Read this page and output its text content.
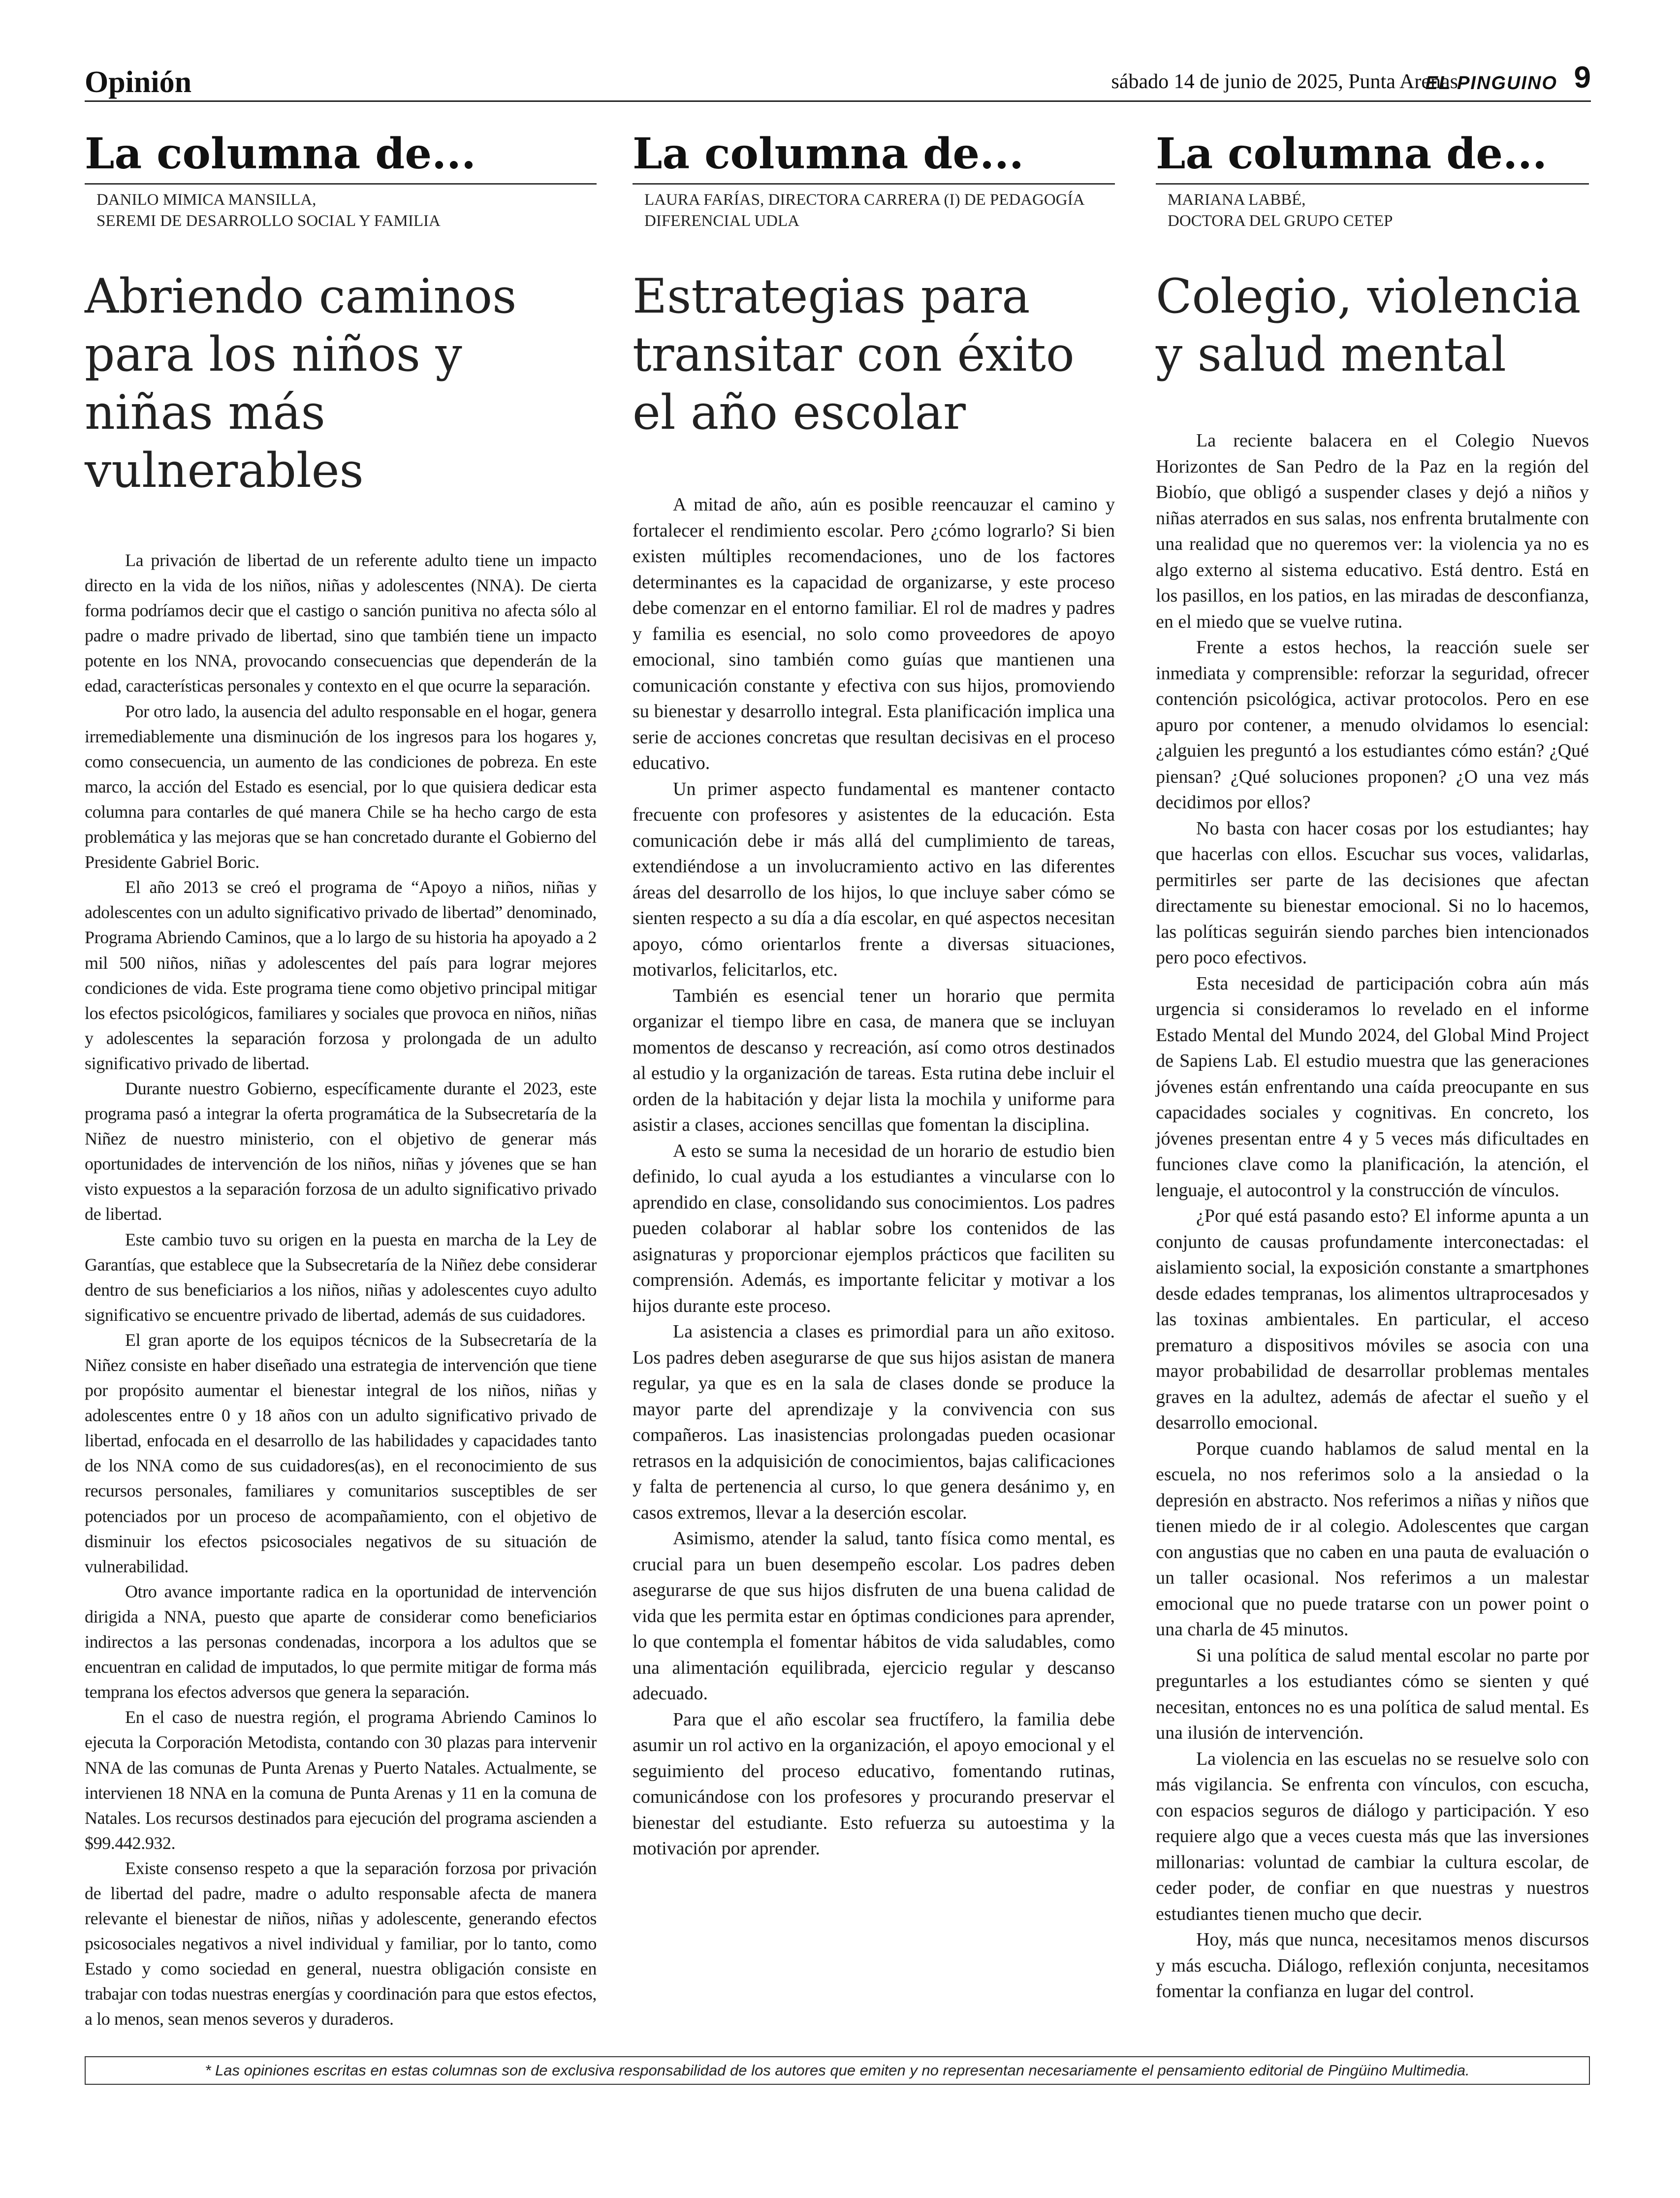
Opinión	sábado 14 de junio de 2025, Punta Arenas
EL PINGUINO 9
La columna de...
DANILO MIMICA MANSILLA,
SEREMI DE DESARROLLO SOCIAL Y FAMILIA
Abriendo caminos para los niños y niñas más vulnerables

La privación de libertad de un referente adulto tiene un impacto directo en la vida de los niños, niñas y adolescentes (NNA). De cierta forma podríamos decir que el castigo o sanción punitiva no afecta sólo al padre o madre privado de libertad, sino que también tiene un impacto potente en los NNA, provocando consecuencias que dependerán de la edad, características personales y contexto en el que ocurre la separación.

Por otro lado, la ausencia del adulto responsable en el hogar, genera irremediablemente una disminución de los ingresos para los hogares y, como consecuencia, un aumento de las condiciones de pobreza. En este marco, la acción del Estado es esencial, por lo que quisiera dedicar esta columna para contarles de qué manera Chile se ha hecho cargo de esta problemática y las mejoras que se han concretado durante el Gobierno del Presidente Gabriel Boric.

El año 2013 se creó el programa de “Apoyo a niños, niñas y adolescentes con un adulto significativo privado de libertad” denominado, Programa Abriendo Caminos, que a lo largo de su historia ha apoyado a 2 mil 500 niños, niñas y adolescentes del país para lograr mejores condiciones de vida. Este programa tiene como objetivo principal mitigar los efectos psicológicos, familiares y sociales que provoca en niños, niñas y adolescentes la separación forzosa y prolongada de un adulto significativo privado de libertad.

Durante nuestro Gobierno, específicamente durante el 2023, este programa pasó a integrar la oferta programática de la Subsecretaría de la Niñez de nuestro ministerio, con el objetivo de generar más oportunidades de intervención de los niños, niñas y jóvenes que se han visto expuestos a la separación forzosa de un adulto significativo privado de libertad.

Este cambio tuvo su origen en la puesta en marcha de la Ley de Garantías, que establece que la Subsecretaría de la Niñez debe considerar dentro de sus beneficiarios a los niños, niñas y adolescentes cuyo adulto significativo se encuentre privado de libertad, además de sus cuidadores.

El gran aporte de los equipos técnicos de la Subsecretaría de la Niñez consiste en haber diseñado una estrategia de intervención que tiene por propósito aumentar el bienestar integral de los niños, niñas y adolescentes entre 0 y 18 años con un adulto significativo privado de libertad, enfocada en el desarrollo de las habilidades y capacidades tanto de los NNA como de sus cuidadores(as), en el reconocimiento de sus recursos personales, familiares y comunitarios susceptibles de ser potenciados por un proceso de acompañamiento, con el objetivo de disminuir los efectos psicosociales negativos de su situación de vulnerabilidad.

Otro avance importante radica en la oportunidad de intervención dirigida a NNA, puesto que aparte de considerar como beneficiarios indirectos a las personas condenadas, incorpora a los adultos que se encuentran en calidad de imputados, lo que permite mitigar de forma más temprana los efectos adversos que genera la separación.

En el caso de nuestra región, el programa Abriendo Caminos lo ejecuta la Corporación Metodista, contando con 30 plazas para intervenir NNA de las comunas de Punta Arenas y Puerto Natales. Actualmente, se intervienen 18 NNA en la comuna de Punta Arenas y 11 en la comuna de Natales. Los recursos destinados para ejecución del programa ascienden a $99.442.932.

Existe consenso respeto a que la separación forzosa por privación de libertad del padre, madre o adulto responsable afecta de manera relevante el bienestar de niños, niñas y adolescente, generando efectos psicosociales negativos a nivel individual y familiar, por lo tanto, como Estado y como sociedad en general, nuestra obligación consiste en trabajar con todas nuestras energías y coordinación para que estos efectos, a lo menos, sean menos severos y duraderos.

La columna de...
LAURA FARÍAS, DIRECTORA CARRERA (I) DE PEDAGOGÍA
DIFERENCIAL UDLA
Estrategias para transitar con éxito el año escolar

A mitad de año, aún es posible reencauzar el camino y fortalecer el rendimiento escolar. Pero ¿cómo lograrlo? Si bien existen múltiples recomendaciones, uno de los factores determinantes es la capacidad de organizarse, y este proceso debe comenzar en el entorno familiar. El rol de madres y padres y familia es esencial, no solo como proveedores de apoyo emocional, sino también como guías que mantienen una comunicación constante y efectiva con sus hijos, promoviendo su bienestar y desarrollo integral. Esta planificación implica una serie de acciones concretas que resultan decisivas en el proceso educativo.

Un primer aspecto fundamental es mantener contacto frecuente con profesores y asistentes de la educación. Esta comunicación debe ir más allá del cumplimiento de tareas, extendiéndose a un involucramiento activo en las diferentes áreas del desarrollo de los hijos, lo que incluye saber cómo se sienten respecto a su día a día escolar, en qué aspectos necesitan apoyo, cómo orientarlos frente a diversas situaciones, motivarlos, felicitarlos, etc.

También es esencial tener un horario que permita organizar el tiempo libre en casa, de manera que se incluyan momentos de descanso y recreación, así como otros destinados al estudio y la organización de tareas. Esta rutina debe incluir el orden de la habitación y dejar lista la mochila y uniforme para asistir a clases, acciones sencillas que fomentan la disciplina.

A esto se suma la necesidad de un horario de estudio bien definido, lo cual ayuda a los estudiantes a vincularse con lo aprendido en clase, consolidando sus conocimientos. Los padres pueden colaborar al hablar sobre los contenidos de las asignaturas y proporcionar ejemplos prácticos que faciliten su comprensión. Además, es importante felicitar y motivar a los hijos durante este proceso.

La asistencia a clases es primordial para un año exitoso. Los padres deben asegurarse de que sus hijos asistan de manera regular, ya que es en la sala de clases donde se produce la mayor parte del aprendizaje y la convivencia con sus compañeros. Las inasistencias prolongadas pueden ocasionar retrasos en la adquisición de conocimientos, bajas calificaciones y falta de pertenencia al curso, lo que genera desánimo y, en casos extremos, llevar a la deserción escolar.

Asimismo, atender la salud, tanto física como mental, es crucial para un buen desempeño escolar. Los padres deben asegurarse de que sus hijos disfruten de una buena calidad de vida que les permita estar en óptimas condiciones para aprender, lo que contempla el fomentar hábitos de vida saludables, como una alimentación equilibrada, ejercicio regular y descanso adecuado.

Para que el año escolar sea fructífero, la familia debe asumir un rol activo en la organización, el apoyo emocional y el seguimiento del proceso educativo, fomentando rutinas, comunicándose con los profesores y procurando preservar el bienestar del estudiante. Esto refuerza su autoestima y la motivación por aprender.

La columna de...
MARIANA LABBÉ,
DOCTORA DEL GRUPO CETEP
Colegio, violencia y salud mental

La reciente balacera en el Colegio Nuevos Horizontes de San Pedro de la Paz en la región del Biobío, que obligó a suspender clases y dejó a niños y niñas aterrados en sus salas, nos enfrenta brutalmente con una realidad que no queremos ver: la violencia ya no es algo externo al sistema educativo. Está dentro. Está en los pasillos, en los patios, en las miradas de desconfianza, en el miedo que se vuelve rutina.

Frente a estos hechos, la reacción suele ser inmediata y comprensible: reforzar la seguridad, ofrecer contención psicológica, activar protocolos. Pero en ese apuro por contener, a menudo olvidamos lo esencial: ¿alguien les preguntó a los estudiantes cómo están? ¿Qué piensan? ¿Qué soluciones proponen? ¿O una vez más decidimos por ellos?

No basta con hacer cosas por los estudiantes; hay que hacerlas con ellos. Escuchar sus voces, validarlas, permitirles ser parte de las decisiones que afectan directamente su bienestar emocional. Si no lo hacemos, las políticas seguirán siendo parches bien intencionados pero poco efectivos.

Esta necesidad de participación cobra aún más urgencia si consideramos lo revelado en el informe Estado Mental del Mundo 2024, del Global Mind Project de Sapiens Lab. El estudio muestra que las generaciones jóvenes están enfrentando una caída preocupante en sus capacidades sociales y cognitivas. En concreto, los jóvenes presentan entre 4 y 5 veces más dificultades en funciones clave como la planificación, la atención, el lenguaje, el autocontrol y la construcción de vínculos.

¿Por qué está pasando esto? El informe apunta a un conjunto de causas profundamente interconectadas: el aislamiento social, la exposición constante a smartphones desde edades tempranas, los alimentos ultraprocesados y las toxinas ambientales. En particular, el acceso prematuro a dispositivos móviles se asocia con una mayor probabilidad de desarrollar problemas mentales graves en la adultez, además de afectar el sueño y el desarrollo emocional.

Porque cuando hablamos de salud mental en la escuela, no nos referimos solo a la ansiedad o la depresión en abstracto. Nos referimos a niñas y niños que tienen miedo de ir al colegio. Adolescentes que cargan con angustias que no caben en una pauta de evaluación o un taller ocasional. Nos referimos a un malestar emocional que no puede tratarse con un power point o una charla de 45 minutos.

Si una política de salud mental escolar no parte por preguntarles a los estudiantes cómo se sienten y qué necesitan, entonces no es una política de salud mental. Es una ilusión de intervención.

La violencia en las escuelas no se resuelve solo con más vigilancia. Se enfrenta con vínculos, con escucha, con espacios seguros de diálogo y participación. Y eso requiere algo que a veces cuesta más que las inversiones millonarias: voluntad de cambiar la cultura escolar, de ceder poder, de confiar en que nuestras y nuestros estudiantes tienen mucho que decir.

Hoy, más que nunca, necesitamos menos discursos y más escucha. Diálogo, reflexión conjunta, necesitamos fomentar la confianza en lugar del control.

* Las opiniones escritas en estas columnas son de exclusiva responsabilidad de los autores que emiten y no representan necesariamente el pensamiento editorial de Pingüino Multimedia.
